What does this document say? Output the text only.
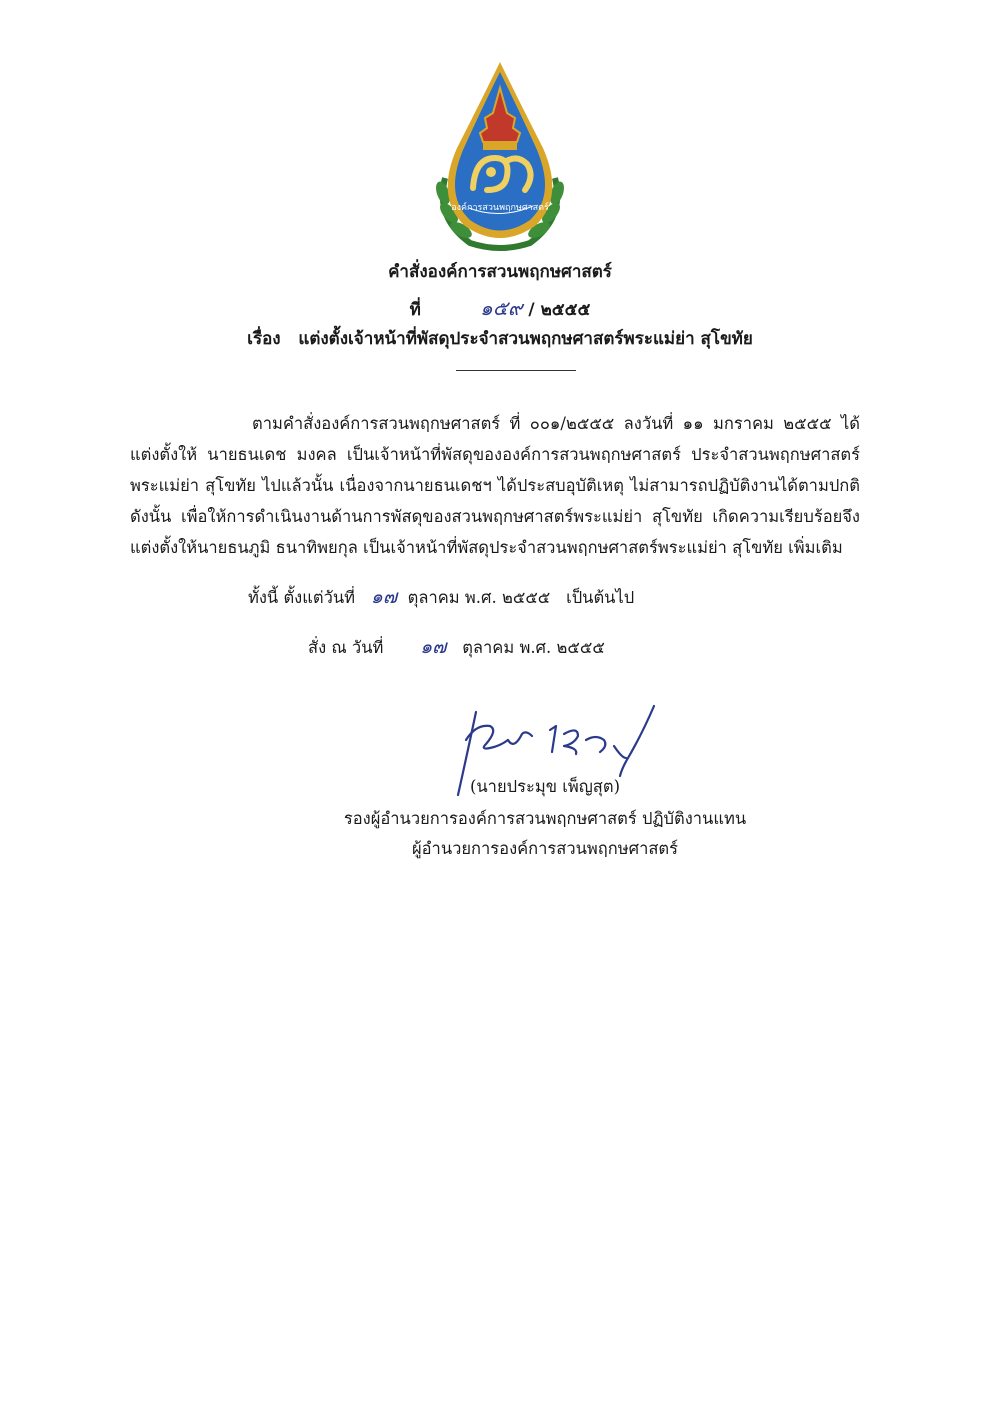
องค์การสวนพฤกษศาสตร์
คำสั่งองค์การสวนพฤกษศาสตร์
ที่	๑๕๙ / ๒๕๕๕
เรื่อง แต่งตั้งเจ้าหน้าที่พัสดุประจำสวนพฤกษศาสตร์พระแม่ย่า สุโขทัย
ตามคำสั่งองค์การสวนพฤกษศาสตร์ ที่ ๐๐๑/๒๕๕๕ ลงวันที่ ๑๑ มกราคม ๒๕๕๕ ได้
แต่งตั้งให้ นายธนเดช มงคล เป็นเจ้าหน้าที่พัสดุขององค์การสวนพฤกษศาสตร์ ประจำสวนพฤกษศาสตร์
พระแม่ย่า สุโขทัย ไปแล้วนั้น เนื่องจากนายธนเดชฯ ได้ประสบอุบัติเหตุ ไม่สามารถปฏิบัติงานได้ตามปกติ
ดังนั้น เพื่อให้การดำเนินงานด้านการพัสดุของสวนพฤกษศาสตร์พระแม่ย่า สุโขทัย เกิดความเรียบร้อยจึง
แต่งตั้งให้นายธนภูมิ ธนาทิพยกุล เป็นเจ้าหน้าที่พัสดุประจำสวนพฤกษศาสตร์พระแม่ย่า สุโขทัย เพิ่มเติม
ทั้งนี้ ตั้งแต่วันที่ ๑๗ ตุลาคม พ.ศ. ๒๕๕๕ เป็นต้นไป
สั่ง ณ วันที่ ๑๗ ตุลาคม พ.ศ. ๒๕๕๕
(นายประมุข เพ็ญสุต)
รองผู้อำนวยการองค์การสวนพฤกษศาสตร์ ปฏิบัติงานแทน
ผู้อำนวยการองค์การสวนพฤกษศาสตร์
